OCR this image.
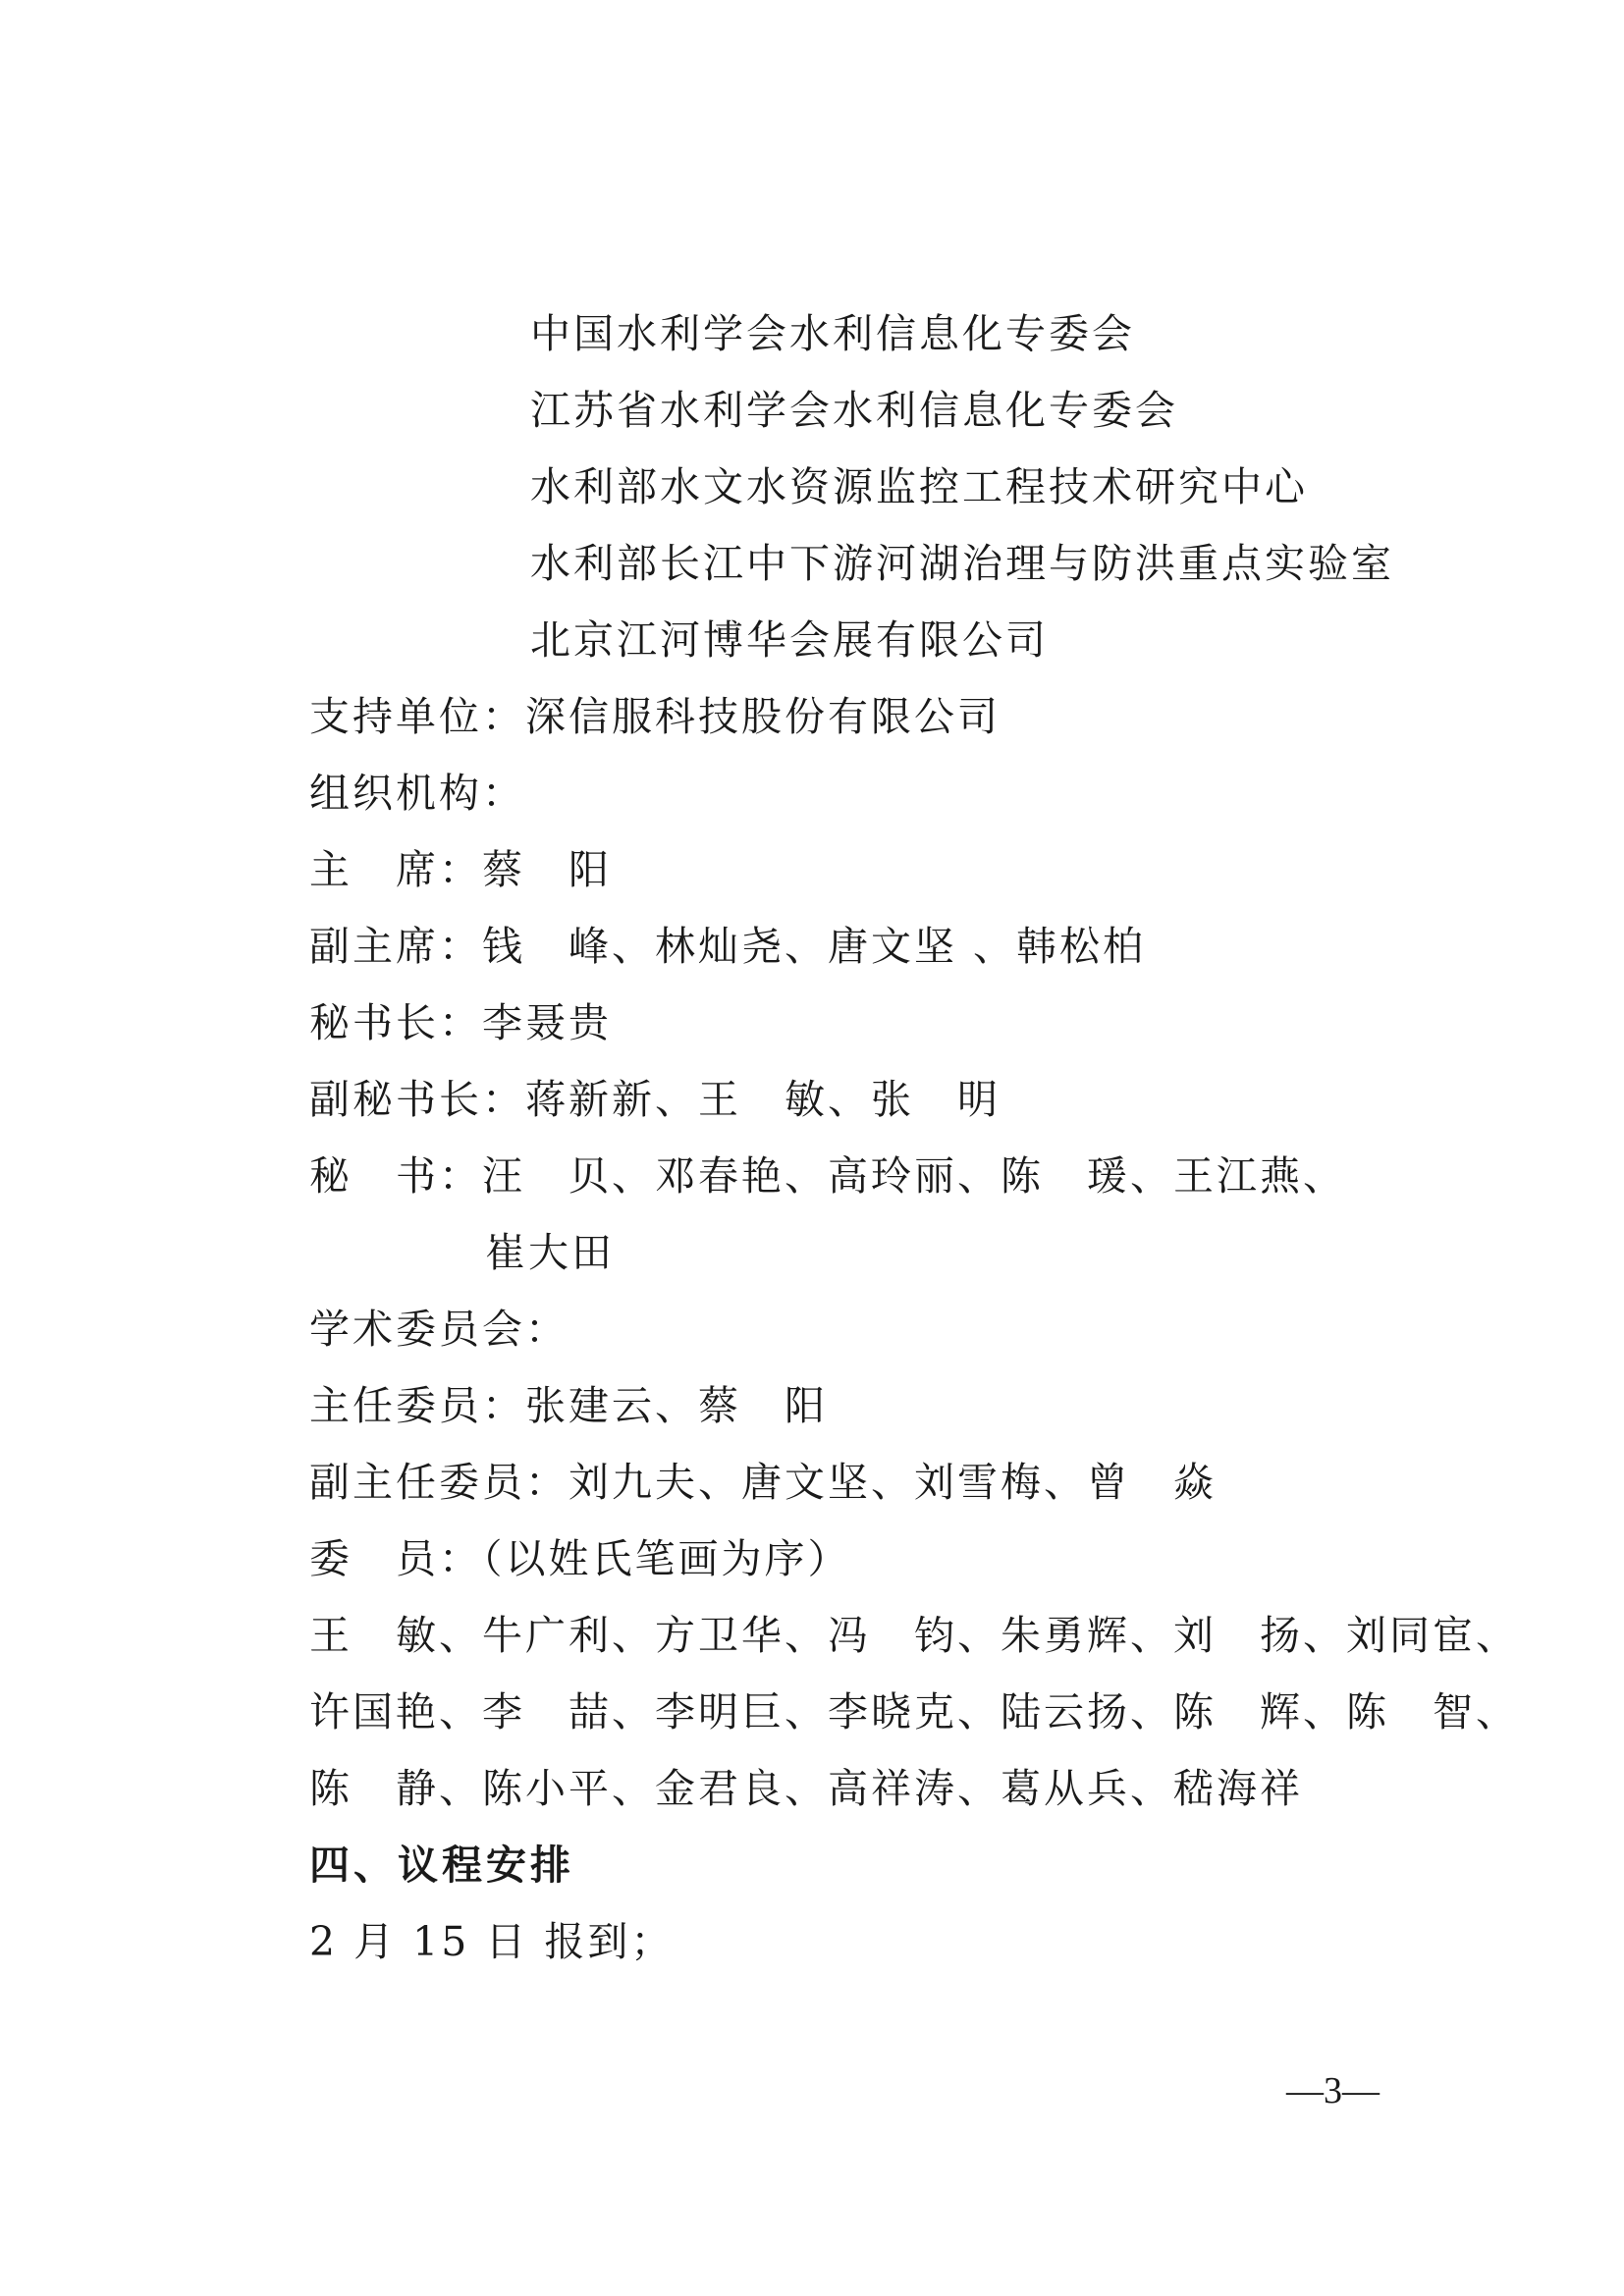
中国水利学会水利信息化专委会
江苏省水利学会水利信息化专委会
水利部水文水资源监控工程技术研究中心
水利部长江中下游河湖治理与防洪重点实验室
北京江河博华会展有限公司
支持单位：深信服科技股份有限公司
组织机构：
主　席：蔡　阳
副主席：钱　峰、林灿尧、唐文坚 、韩松柏
秘书长：李聂贵
副秘书长：蒋新新、王　敏、张　明
秘　书：汪　贝、邓春艳、高玲丽、陈　瑗、王江燕、
崔大田
学术委员会：
主任委员：张建云、蔡　阳
副主任委员：刘九夫、唐文坚、刘雪梅、曾　焱
委　员：（以姓氏笔画为序）
王　敏、牛广利、方卫华、冯　钧、朱勇辉、刘　扬、刘同宦、
许国艳、李　喆、李明巨、李晓克、陆云扬、陈　辉、陈　智、
陈　静、陈小平、金君良、高祥涛、葛从兵、嵇海祥
四、议程安排
2 月 15 日 报到；
—3—
